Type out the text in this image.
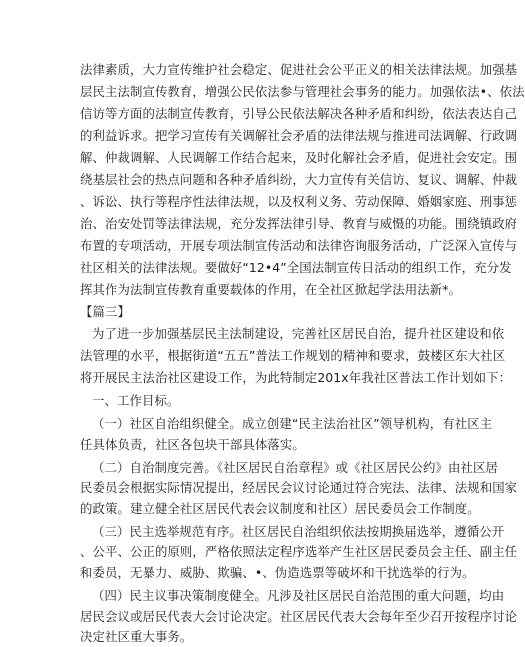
法律素质，大力宣传维护社会稳定、促进社会公平正义的相关法律法规。加强基
层民主法制宣传教育，增强公民依法参与管理社会事务的能力。加强依法•、依法
信访等方面的法制宣传教育，引导公民依法解决各种矛盾和纠纷，依法表达自己
的利益诉求。把学习宣传有关调解社会矛盾的法律法规与推进司法调解、行政调
解、仲裁调解、人民调解工作结合起来，及时化解社会矛盾，促进社会安定。围
绕基层社会的热点问题和各种矛盾纠纷，大力宣传有关信访、复议、调解、仲裁
、诉讼、执行等程序性法律法规，以及权利义务、劳动保障、婚姻家庭、刑事惩
治、治安处罚等法律法规，充分发挥法律引导、教育与威慑的功能。围绕镇政府
布置的专项活动，开展专项法制宣传活动和法律咨询服务活动，广泛深入宣传与
社区相关的法律法规。要做好“12•4”全国法制宣传日活动的组织工作，充分发
挥其作为法制宣传教育重要载体的作用，在全社区掀起学法用法新*。
【篇三】
为了进一步加强基层民主法制建设，完善社区居民自治，提升社区建设和依
法管理的水平，根据街道“五五”普法工作规划的精神和要求，鼓楼区东大社区
将开展民主法治社区建设工作，为此特制定201x年我社区普法工作计划如下：
一、工作目标。
（一）社区自治组织健全。成立创建“民主法治社区”领导机构，有社区主
任具体负责，社区各包块干部具体落实。
（二）自治制度完善。《社区居民自治章程》或《社区居民公约》由社区居
民委员会根据实际情况提出，经居民会议讨论通过符合宪法、法律、法规和国家
的政策。建立健全社区居民代表会议制度和社区）居民委员会工作制度。
（三）民主选举规范有序。社区居民自治组织依法按期换届选举，遵循公开
、公平、公正的原则，严格依照法定程序选举产生社区居民委员会主任、副主任
和委员，无暴力、威胁、欺骗、•、伪造选票等破坏和干扰选举的行为。
（四）民主议事决策制度健全。凡涉及社区居民自治范围的重大问题，均由
居民会议或居民代表大会讨论决定。社区居民代表大会每年至少召开按程序讨论
决定社区重大事务。
